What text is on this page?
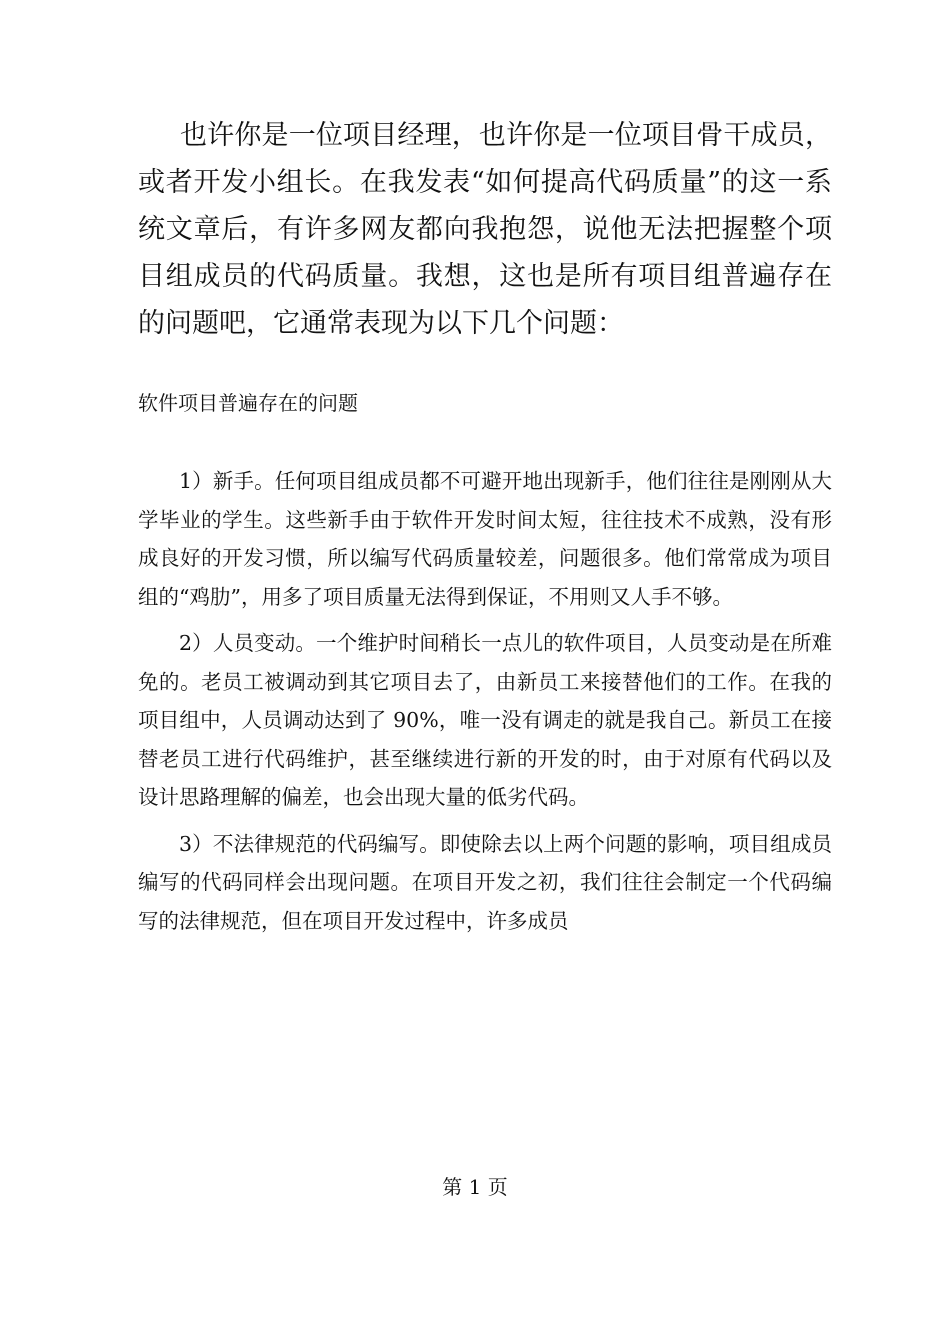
也许你是一位项目经理，也许你是一位项目骨干成员，或者开发小组长。在我发表“如何提高代码质量”的这一系统文章后，有许多网友都向我抱怨，说他无法把握整个项目组成员的代码质量。我想，这也是所有项目组普遍存在的问题吧，它通常表现为以下几个问题：

软件项目普遍存在的问题

1）新手。任何项目组成员都不可避开地出现新手，他们往往是刚刚从大学毕业的学生。这些新手由于软件开发时间太短，往往技术不成熟，没有形成良好的开发习惯，所以编写代码质量较差，问题很多。他们常常成为项目组的“鸡肋”，用多了项目质量无法得到保证，不用则又人手不够。

2）人员变动。一个维护时间稍长一点儿的软件项目，人员变动是在所难免的。老员工被调动到其它项目去了，由新员工来接替他们的工作。在我的项目组中，人员调动达到了 90%，唯一没有调走的就是我自己。新员工在接替老员工进行代码维护，甚至继续进行新的开发的时，由于对原有代码以及设计思路理解的偏差，也会出现大量的低劣代码。

3）不法律规范的代码编写。即使除去以上两个问题的影响，项目组成员编写的代码同样会出现问题。在项目开发之初，我们往往会制定一个代码编写的法律规范，但在项目开发过程中，许多成员

第 1 页
